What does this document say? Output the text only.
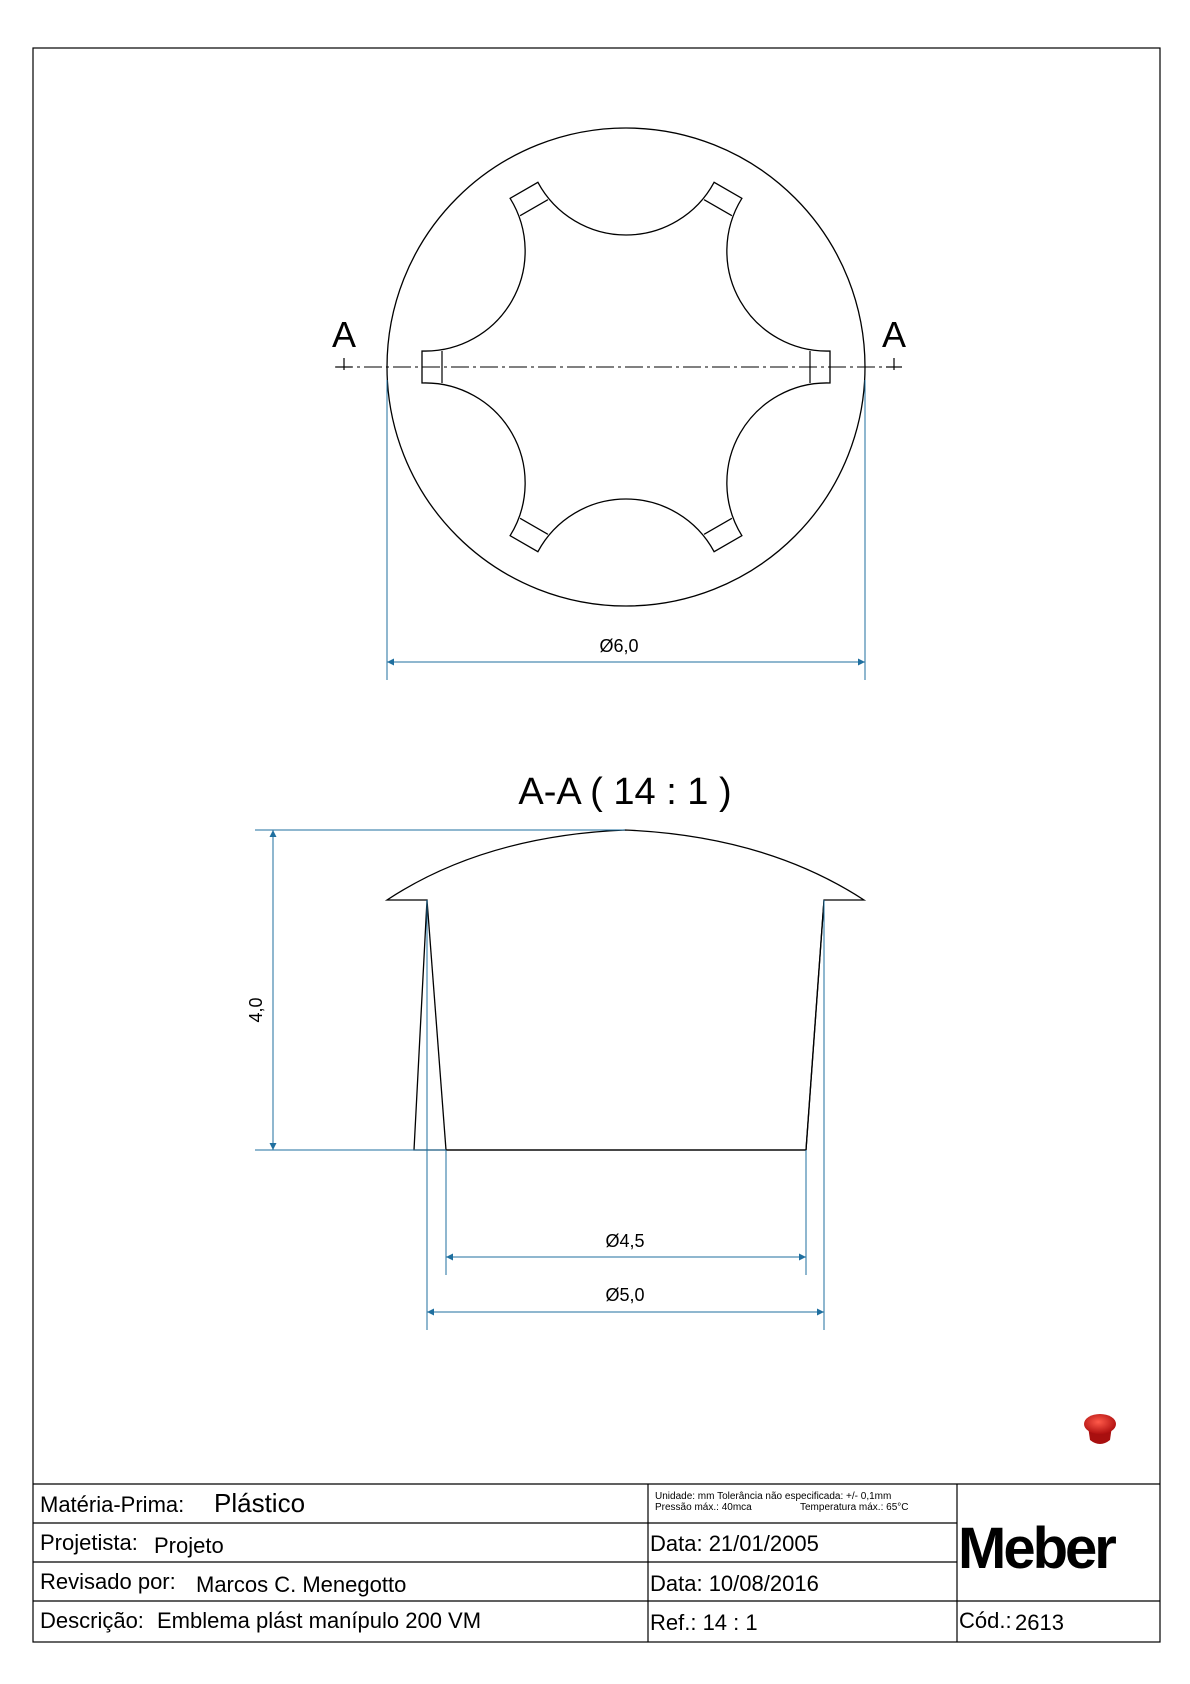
A	A
Ø6,0
A-A ( 14 : 1 )
4,0
Ø4,5
Ø5,0
Matéria-Prima: Plástico	Unidade: mm Tolerância não especificada: +/- 0,1mm
Pressão máx.: 40mca	Temperatura máx.: 65°C
Projetista: Projeto	Data: 21/01/2005
Revisado por: Marcos C. Menegotto	Data: 10/08/2016
Descrição: Emblema plást manípulo 200 VM	Ref.: 14 : 1	Cód.: 2613
Meber
